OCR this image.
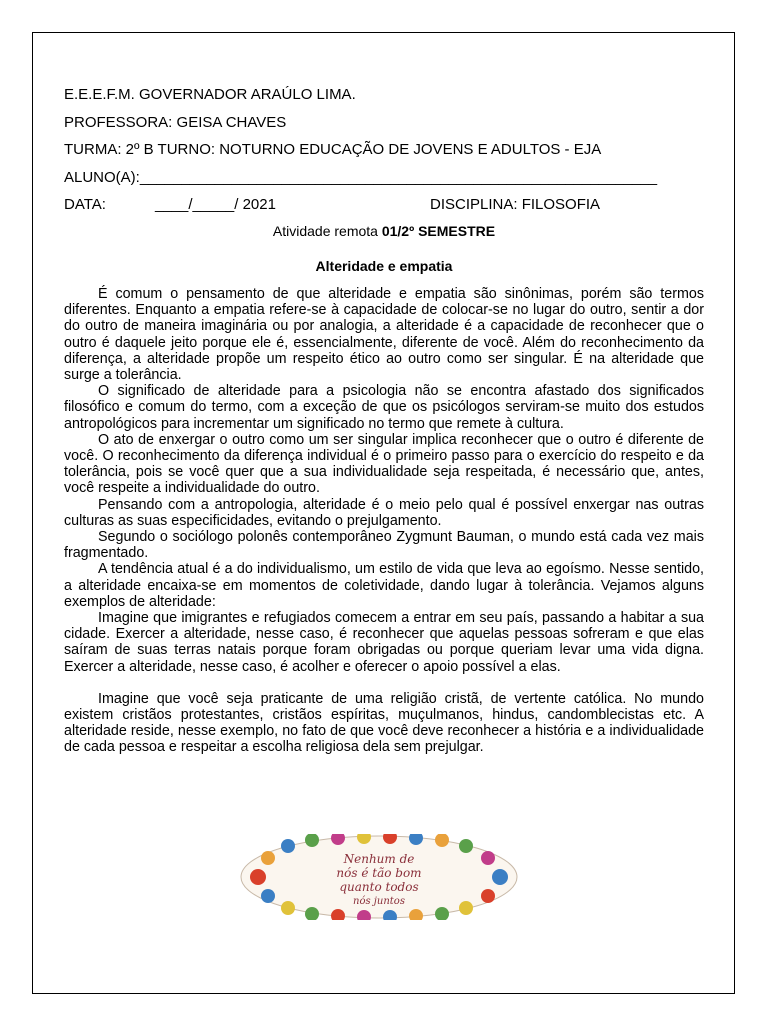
E.E.E.F.M. GOVERNADOR ARAÚLO LIMA.
PROFESSORA: GEISA CHAVES
TURMA: 2º B TURNO: NOTURNO EDUCAÇÃO DE JOVENS E ADULTOS - EJA
ALUNO(A):______________________________________________________________
DATA:	____/_____/ 2021	DISCIPLINA: FILOSOFIA
Atividade remota 01/2º SEMESTRE
Alteridade e empatia

É comum o pensamento de que alteridade e empatia são sinônimas, porém são termos diferentes. Enquanto a empatia refere-se à capacidade de colocar-se no lugar do outro, sentir a dor do outro de maneira imaginária ou por analogia, a alteridade é a capacidade de reconhecer que o outro é daquele jeito porque ele é, essencialmente, diferente de você. Além do reconhecimento da diferença, a alteridade propõe um respeito ético ao outro como ser singular. É na alteridade que surge a tolerância.

O significado de alteridade para a psicologia não se encontra afastado dos significados filosófico e comum do termo, com a exceção de que os psicólogos serviram-se muito dos estudos antropológicos para incrementar um significado no termo que remete à cultura.

O ato de enxergar o outro como um ser singular implica reconhecer que o outro é diferente de você. O reconhecimento da diferença individual é o primeiro passo para o exercício do respeito e da tolerância, pois se você quer que a sua individualidade seja respeitada, é necessário que, antes, você respeite a individualidade do outro.

Pensando com a antropologia, alteridade é o meio pelo qual é possível enxergar nas outras culturas as suas especificidades, evitando o prejulgamento.

Segundo o sociólogo polonês contemporâneo Zygmunt Bauman, o mundo está cada vez mais fragmentado.

A tendência atual é a do individualismo, um estilo de vida que leva ao egoísmo. Nesse sentido, a alteridade encaixa-se em momentos de coletividade, dando lugar à tolerância. Vejamos alguns exemplos de alteridade:

Imagine que imigrantes e refugiados comecem a entrar em seu país, passando a habitar a sua cidade. Exercer a alteridade, nesse caso, é reconhecer que aquelas pessoas sofreram e que elas saíram de suas terras natais porque foram obrigadas ou porque queriam levar uma vida digna. Exercer a alteridade, nesse caso, é acolher e oferecer o apoio possível a elas.

Imagine que você seja praticante de uma religião cristã, de vertente católica. No mundo existem cristãos protestantes, cristãos espíritas, muçulmanos, hindus, candomblecistas etc. A alteridade reside, nesse exemplo, no fato de que você deve reconhecer a história e a individualidade de cada pessoa e respeitar a escolha religiosa dela sem prejulgar.

Nenhum de
nós é tão bom
quanto todos
nós juntos
